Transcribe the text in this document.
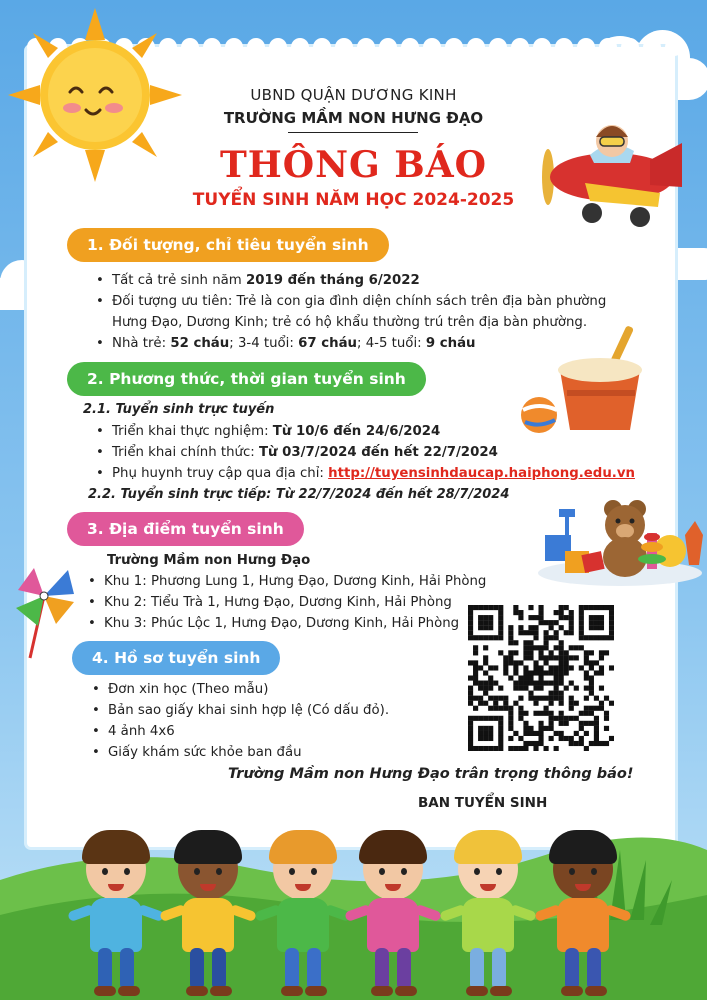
UBND QUẬN DƯƠNG KINH
TRƯỜNG MẦM NON HƯNG ĐẠO
THÔNG BÁO
TUYỂN SINH NĂM HỌC 2024-2025
1. Đối tượng, chỉ tiêu tuyển sinh
• Tất cả trẻ sinh năm 2019 đến tháng 6/2022
• Đối tượng ưu tiên: Trẻ là con gia đình diện chính sách trên địa bàn phường
Hưng Đạo, Dương Kinh; trẻ có hộ khẩu thường trú trên địa bàn phường.
• Nhà trẻ: 52 cháu; 3-4 tuổi: 67 cháu; 4-5 tuổi: 9 cháu
2. Phương thức, thời gian tuyển sinh
2.1. Tuyển sinh trực tuyến
• Triển khai thực nghiệm: Từ 10/6 đến 24/6/2024
• Triển khai chính thức: Từ 03/7/2024 đến hết 22/7/2024
• Phụ huynh truy cập qua địa chỉ: http://tuyensinhdaucap.haiphong.edu.vn
2.2. Tuyển sinh trực tiếp: Từ 22/7/2024 đến hết 28/7/2024
3. Địa điểm tuyển sinh
Trường Mầm non Hưng Đạo
• Khu 1: Phương Lung 1, Hưng Đạo, Dương Kinh, Hải Phòng
• Khu 2: Tiểu Trà 1, Hưng Đạo, Dương Kinh, Hải Phòng
• Khu 3: Phúc Lộc 1, Hưng Đạo, Dương Kinh, Hải Phòng
4. Hồ sơ tuyển sinh
• Đơn xin học (Theo mẫu)
• Bản sao giấy khai sinh hợp lệ (Có dấu đỏ).
• 4 ảnh 4x6
• Giấy khám sức khỏe ban đầu
Trường Mầm non Hưng Đạo trân trọng thông báo!
BAN TUYỂN SINH
